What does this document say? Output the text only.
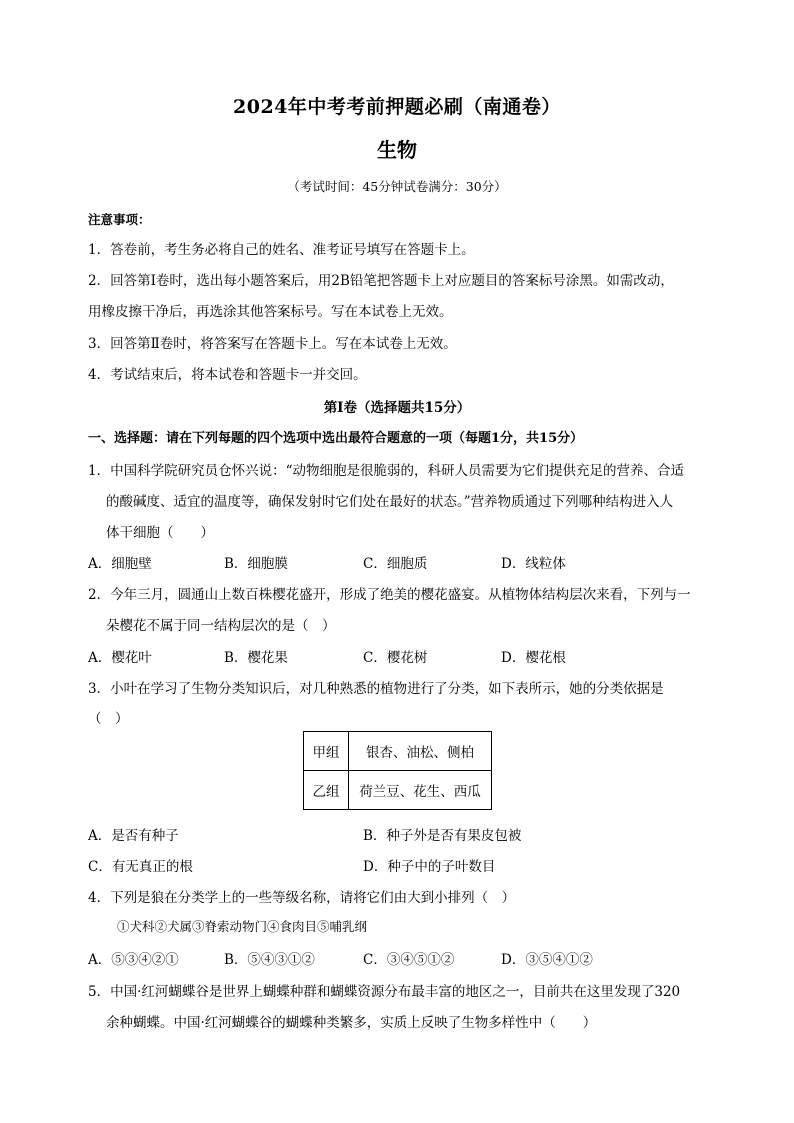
2024年中考考前押题必刷（南通卷）
生物
（考试时间：45分钟试卷满分：30分）
注意事项：
1．答卷前，考生务必将自己的姓名、准考证号填写在答题卡上。
2．回答第Ⅰ卷时，选出每小题答案后，用2B铅笔把答题卡上对应题目的答案标号涂黑。如需改动，
用橡皮擦干净后，再选涂其他答案标号。写在本试卷上无效。
3．回答第Ⅱ卷时，将答案写在答题卡上。写在本试卷上无效。
4．考试结束后，将本试卷和答题卡一并交回。
第Ⅰ卷（选择题共15分）
一、选择题：请在下列每题的四个选项中选出最符合题意的一项（每题1分，共15分）
1．中国科学院研究员仓怀兴说：“动物细胞是很脆弱的，科研人员需要为它们提供充足的营养、合适
的酸碱度、适宜的温度等，确保发射时它们处在最好的状态。”营养物质通过下列哪种结构进入人
体干细胞（　　）
A．细胞壁	B．细胞膜	C．细胞质	D．线粒体
2．今年三月，圆通山上数百株樱花盛开，形成了绝美的樱花盛宴。从植物体结构层次来看，下列与一
朵樱花不属于同一结构层次的是（　）
A．樱花叶	B．樱花果	C．樱花树	D．樱花根
3．小叶在学习了生物分类知识后，对几种熟悉的植物进行了分类，如下表所示，她的分类依据是
（　）
甲组	银杏、油松、侧柏
乙组	荷兰豆、花生、西瓜
A．是否有种子	B．种子外是否有果皮包被
C．有无真正的根	D．种子中的子叶数目
4．下列是狼在分类学上的一些等级名称，请将它们由大到小排列（　）
①犬科②犬属③脊索动物门④食肉目⑤哺乳纲
A．⑤③④②①	B．⑤④③①②	C．③④⑤①②	D．③⑤④①②
5．中国·红河蝴蝶谷是世界上蝴蝶种群和蝴蝶资源分布最丰富的地区之一，目前共在这里发现了320
余种蝴蝶。中国·红河蝴蝶谷的蝴蝶种类繁多，实质上反映了生物多样性中（　　）
